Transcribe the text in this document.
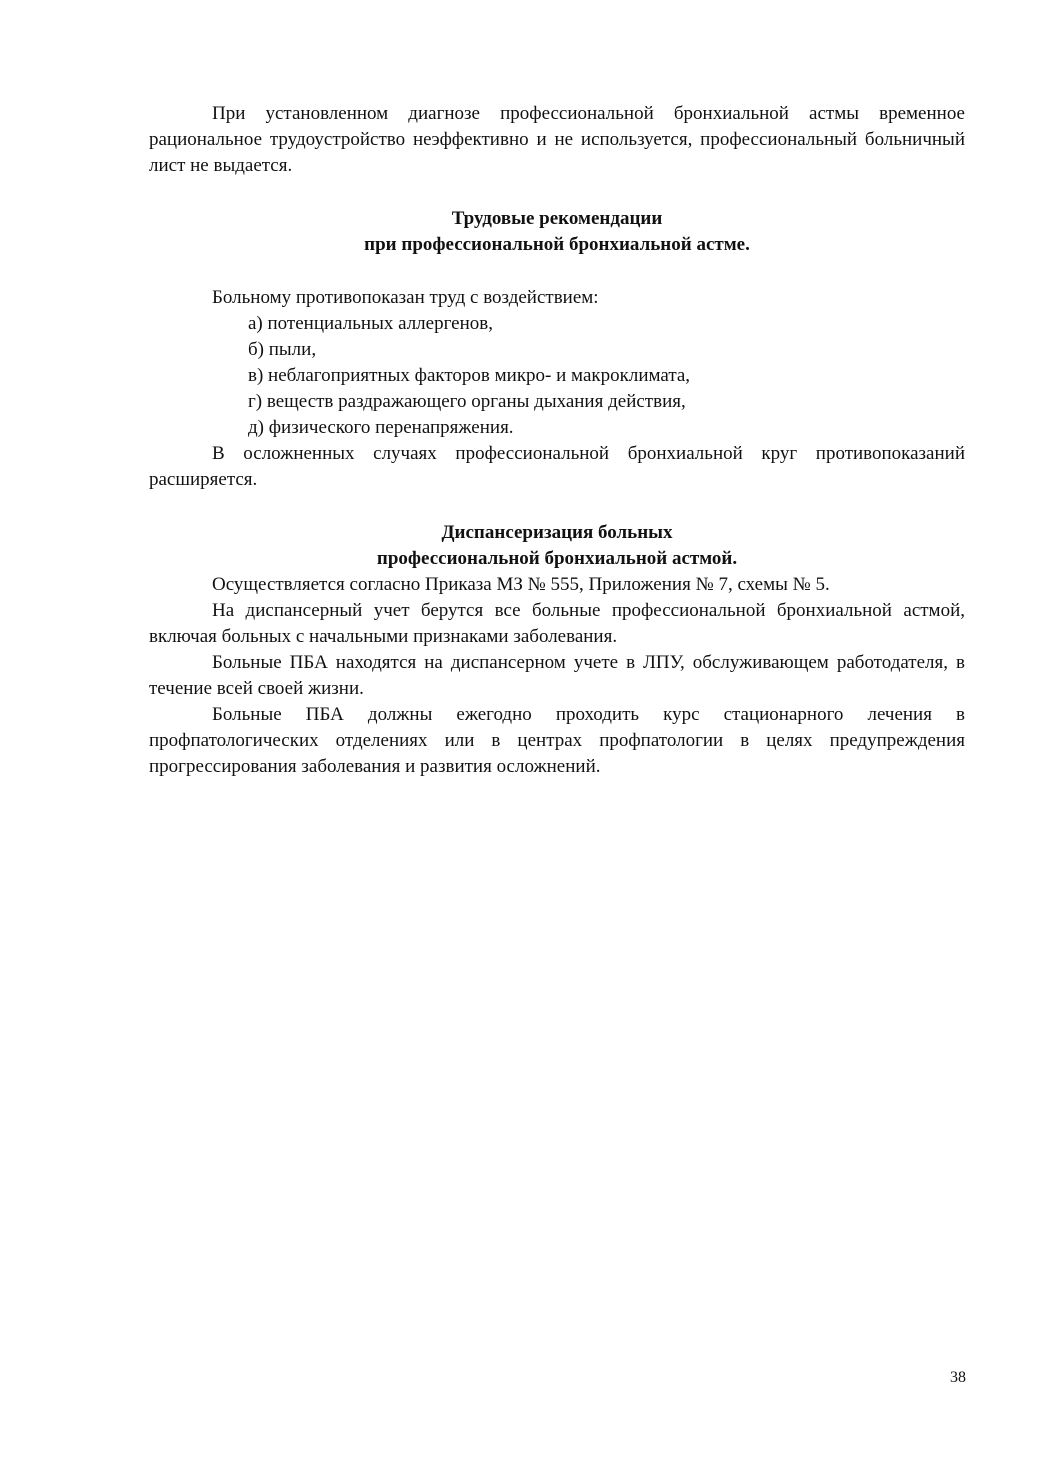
При установленном диагнозе профессиональной бронхиальной астмы временное рациональное трудоустройство неэффективно и не используется, профессиональный больничный лист не выдается.

Трудовые рекомендации

при профессиональной бронхиальной астме.

Больному противопоказан труд с воздействием:

а) потенциальных аллергенов,
б) пыли,
в) неблагоприятных факторов микро- и макроклимата,
г) веществ раздражающего органы дыхания действия,
д) физического перенапряжения.

В осложненных случаях профессиональной бронхиальной круг противопоказаний расширяется.

Диспансеризация больных

профессиональной бронхиальной астмой.

Осуществляется согласно Приказа МЗ № 555, Приложения № 7, схемы № 5.

На диспансерный учет берутся все больные профессиональной бронхиальной астмой, включая больных с начальными признаками заболевания.

Больные ПБА находятся на диспансерном учете в ЛПУ, обслуживающем работодателя, в течение всей своей жизни.

Больные ПБА должны ежегодно проходить курс стационарного лечения в профпатологических отделениях или в центрах профпатологии в целях предупреждения прогрессирования заболевания и развития осложнений.

38
